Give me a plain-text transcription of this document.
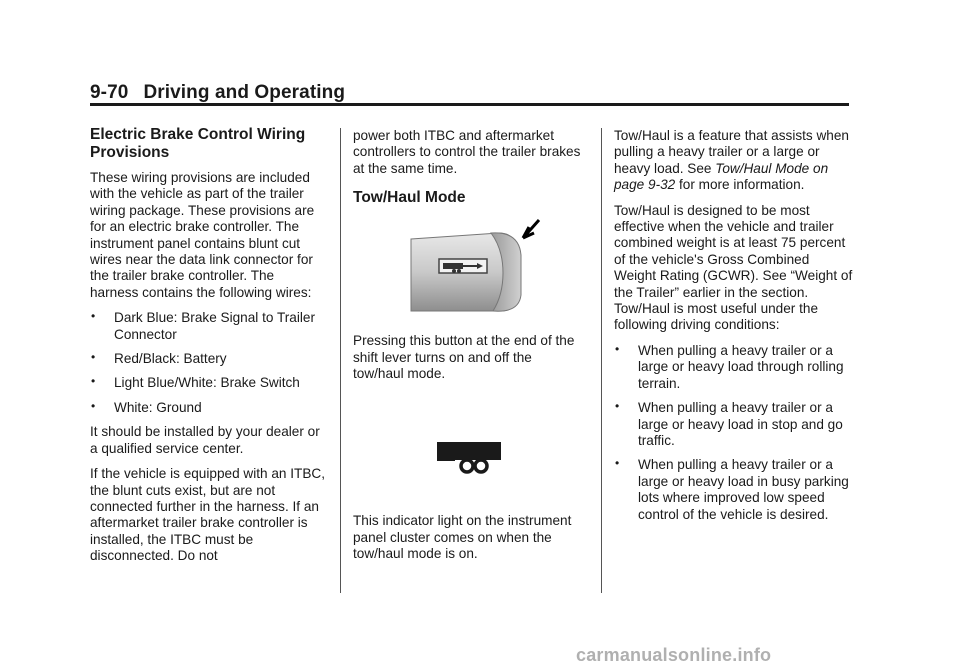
9-70 Driving and Operating
Electric Brake Control Wiring Provisions

These wiring provisions are included with the vehicle as part of the trailer wiring package. These provisions are for an electric brake controller. The instrument panel contains blunt cut wires near the data link connector for the trailer brake controller. The harness contains the following wires:

• Dark Blue: Brake Signal to Trailer Connector
• Red/Black: Battery
• Light Blue/White: Brake Switch
• White: Ground

It should be installed by your dealer or a qualified service center.

If the vehicle is equipped with an ITBC, the blunt cuts exist, but are not connected further in the harness. If an aftermarket trailer brake controller is installed, the ITBC must be disconnected. Do not

power both ITBC and aftermarket controllers to control the trailer brakes at the same time.

Tow/Haul Mode

Pressing this button at the end of the shift lever turns on and off the tow/haul mode.

This indicator light on the instrument panel cluster comes on when the tow/haul mode is on.

Tow/Haul is a feature that assists when pulling a heavy trailer or a large or heavy load. See Tow/Haul Mode on page 9-32 for more information.

Tow/Haul is designed to be most effective when the vehicle and trailer combined weight is at least 75 percent of the vehicle's Gross Combined Weight Rating (GCWR). See “Weight of the Trailer” earlier in the section. Tow/Haul is most useful under the following driving conditions:

• When pulling a heavy trailer or a large or heavy load through rolling terrain.
• When pulling a heavy trailer or a large or heavy load in stop and go traffic.
• When pulling a heavy trailer or a large or heavy load in busy parking lots where improved low speed control of the vehicle is desired.
carmanualsonline.info
